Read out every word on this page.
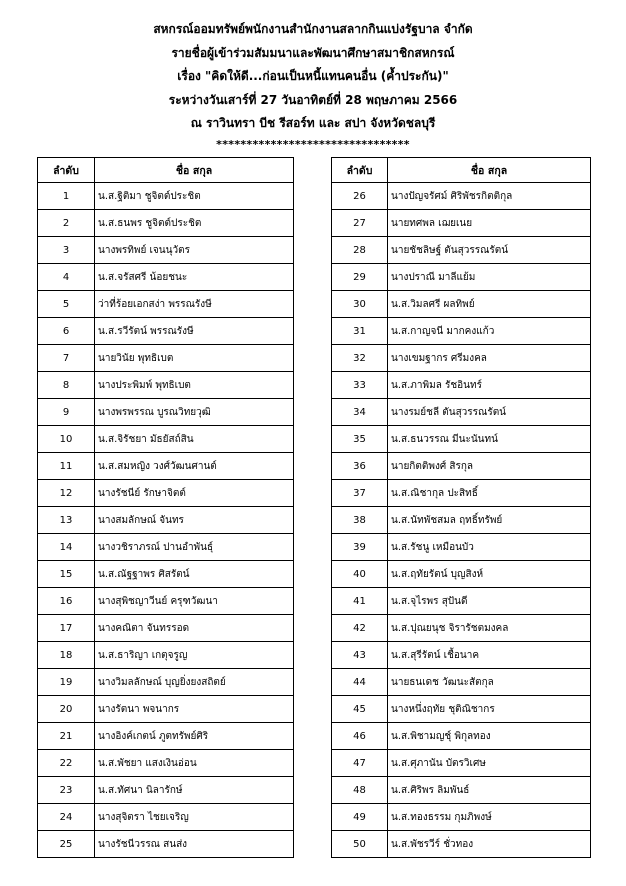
สหกรณ์ออมทรัพย์พนักงานสำนักงานสลากกินแบ่งรัฐบาล จำกัด
รายชื่อผู้เข้าร่วมสัมมนาและพัฒนาศึกษาสมาชิกสหกรณ์
เรื่อง "คิดให้ดี...ก่อนเป็นหนี้แทนคนอื่น (ค้ำประกัน)"
ระหว่างวันเสาร์ที่ 27 วันอาทิตย์ที่ 28 พฤษภาคม 2566
ณ ราวินทรา บีช รีสอร์ท และ สปา จังหวัดชลบุรี
********************************
ลำดับ	ชื่อ สกุล
1	น.ส.ฐิติมา ชูจิตต์ประชิต
2	น.ส.ธนพร ชูจิตต์ประชิต
3	นางพรทิพย์ เจนนุวัตร
4	น.ส.จรัสศรี น้อยชนะ
5	ว่าที่ร้อยเอกสง่า พรรณรังษี
6	น.ส.รวีรัตน์ พรรณรังษี
7	นายวินัย พุทธิเบต
8	นางประพิมพ์ พุทธิเบต
9	นางพรพรรณ บูรณวิทยวุฒิ
10	น.ส.จิรัชยา มัธยัสถ์สิน
11	น.ส.สมหญิง วงศ์วัฒนศานต์
12	นางรัชนีย์ รักษาจิตต์
13	นางสมลักษณ์ จันทร
14	นางวชิราภรณ์ ปานอำพันธุ์
15	น.ส.ณัฐฐาพร ศิสรัตน์
16	นางสุพิชญาวีนย์ ครุฑวัฒนา
17	นางคณิตา จันทรรอด
18	น.ส.ธาริญา เกตุจรูญ
19	นางวิมลลักษณ์ บุญยิ่งยงสถิตย์
20	นางรัตนา พจนากร
21	นางอิงค์เกตน์ ภูตทรัพย์ศิริ
22	น.ส.พัชยา แสงเงินอ่อน
23	น.ส.ทัศนา นิลารักษ์
24	นางสุจิตรา ไชยเจริญ
25	นางรัชนีวรรณ สนส่ง
ลำดับ	ชื่อ สกุล
26	นางปัญจรัศม์ ศิริพัชรกิตติกุล
27	นายทศพล เฌยเนย
28	นายชัชลิษฐ์ ตันสุวรรณรัตน์
29	นางปราณี มาลีแย้ม
30	น.ส.วิมลศรี ผลทิพย์
31	น.ส.กาญจนี มากคงแก้ว
32	นางเขมฐากร ศรีมงคล
33	น.ส.ภาพิมล รัชอินทร์
34	นางรมย์ชลี ตันสุวรรณรัตน์
35	น.ส.ธนวรรณ มีนะนันทน์
36	นายกิตติพงศ์ สิรกุล
37	น.ส.ณิชากุล ปะสิทธิ์
38	น.ส.นัทพัชสมล ฤทธิ์ทรัพย์
39	น.ส.รัชนู เหมือนบัว
40	น.ส.ฤทัยรัตน์ บุญสิงห์
41	น.ส.จุไรพร สุปันดี
42	น.ส.ปุณยนุช จิรารัชตมงคล
43	น.ส.สุรีรัตน์ เชื้อนาค
44	นายธนเดช วัฒนะสัตกุล
45	นางหนึ่งฤทัย ชุติณิชากร
46	น.ส.พิชามญชุ์ พิกุลทอง
47	น.ส.ศุภานัน บัตรวิเศษ
48	น.ส.ศิริพร ลิมพันธ์
49	น.ส.ทองธรรม กุมภิพงษ์
50	น.ส.พัชรวีร์ ชั่วทอง
